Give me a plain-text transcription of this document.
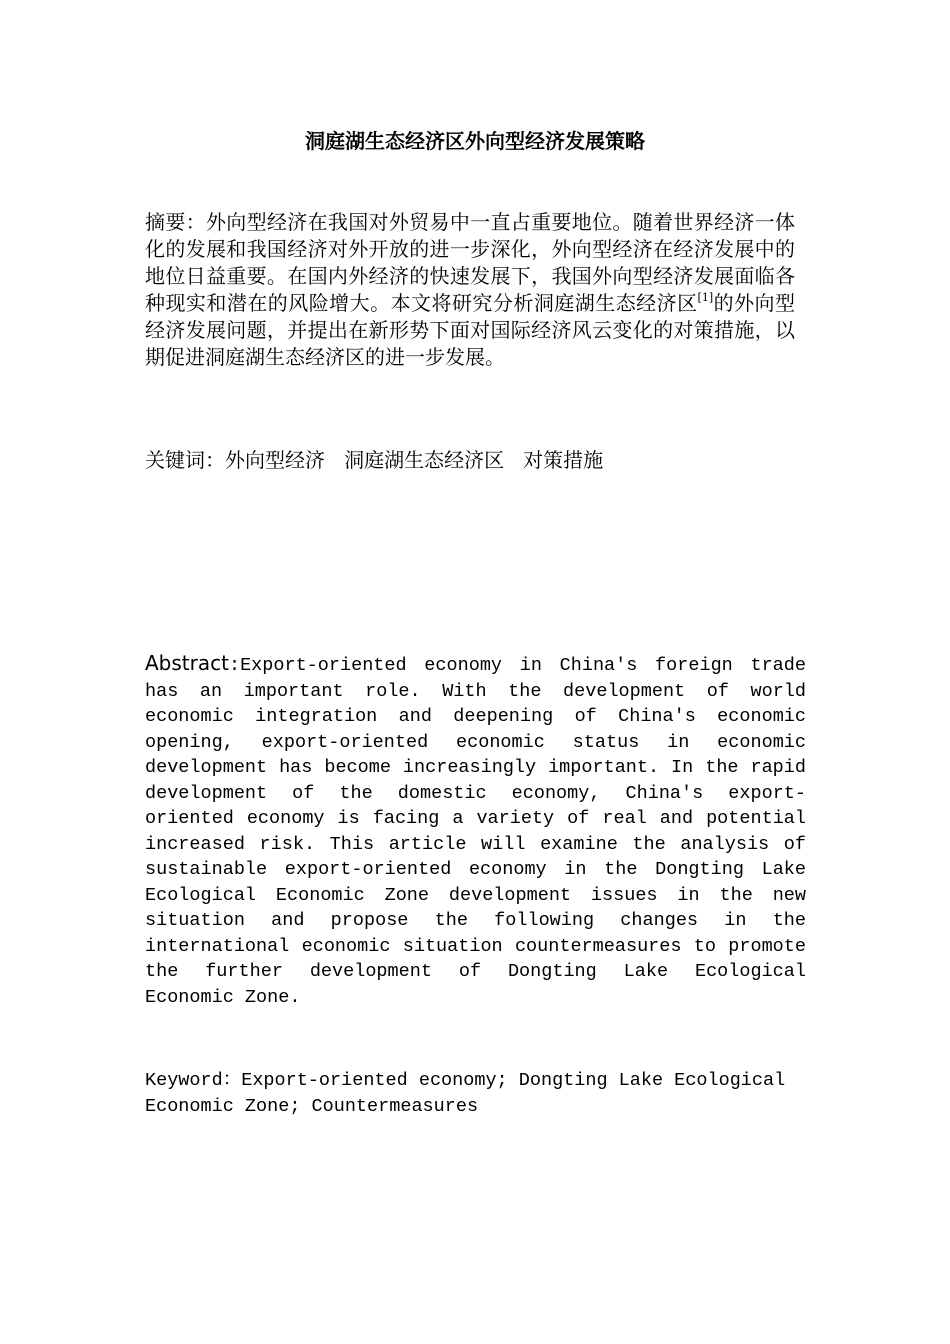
洞庭湖生态经济区外向型经济发展策略
摘要：外向型经济在我国对外贸易中一直占重要地位。随着世界经济一体化的发展和我国经济对外开放的进一步深化，外向型经济在经济发展中的地位日益重要。在国内外经济的快速发展下，我国外向型经济发展面临各种现实和潜在的风险增大。本文将研究分析洞庭湖生态经济区[1]的外向型经济发展问题，并提出在新形势下面对国际经济风云变化的对策措施，以期促进洞庭湖生态经济区的进一步发展。
关键词：外向型经济   洞庭湖生态经济区   对策措施
Abstract:Export-oriented economy in China's foreign trade has an important role. With the development of world economic integration and deepening of China's economic opening, export-oriented economic status in economic development has become increasingly important. In the rapid development of the domestic economy, China's export-oriented economy is facing a variety of real and potential increased risk. This article will examine the analysis of sustainable export-oriented economy in the Dongting Lake Ecological Economic Zone development issues in the new situation and propose the following changes in the international economic situation countermeasures to promote the further development of Dongting Lake Ecological Economic Zone.
Keyword：Export-oriented economy; Dongting Lake Ecological Economic Zone; Countermeasures
